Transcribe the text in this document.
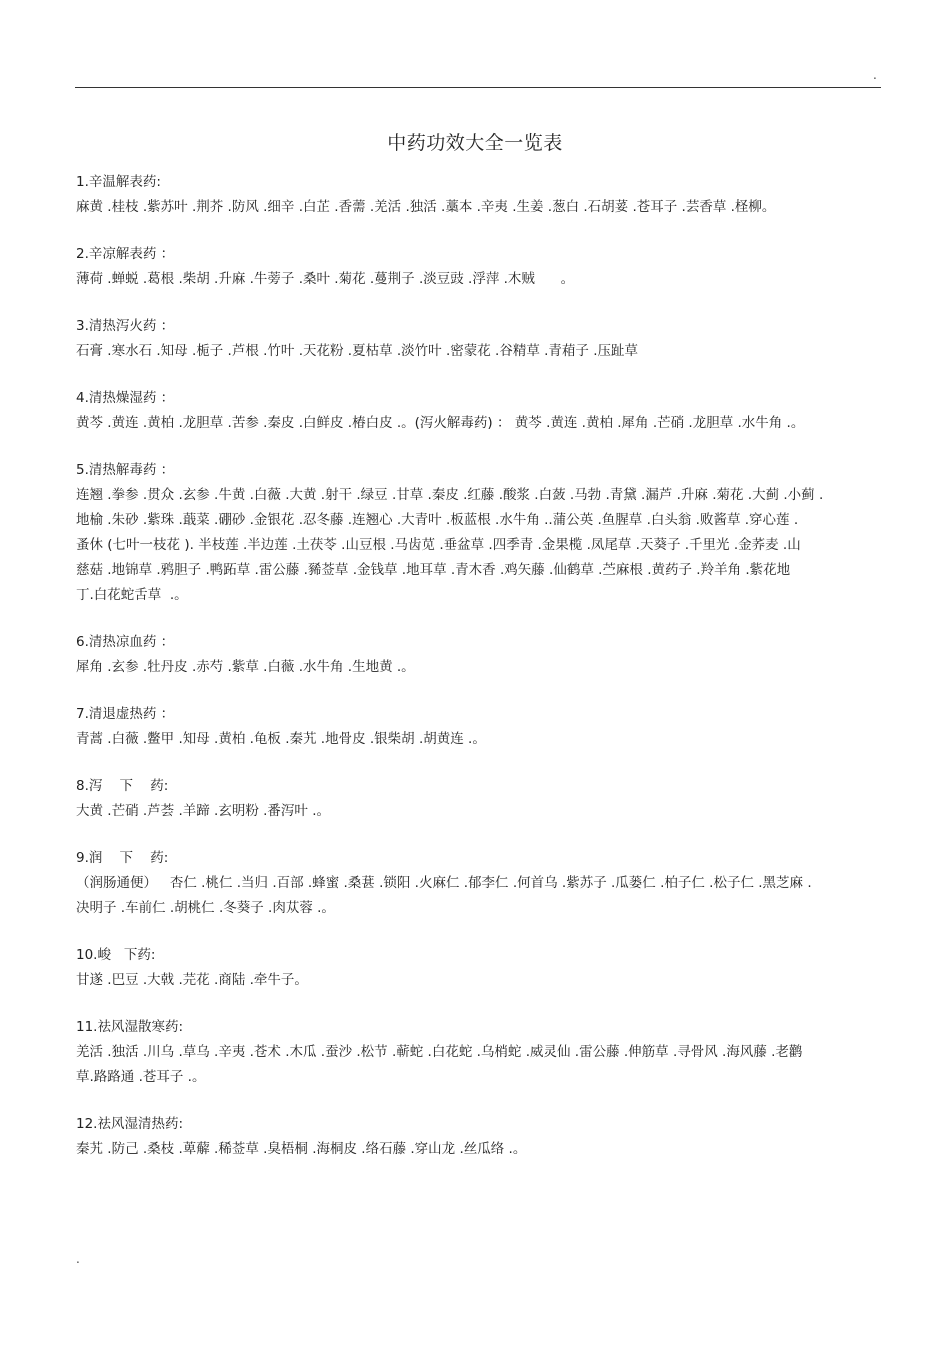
.
中药功效大全一览表
1.辛温解表药:
麻黄 .桂枝 .紫苏叶 .荆芥 .防风 .细辛 .白芷 .香薷 .羌活 .独活 .藁本 .辛夷 .生姜 .葱白 .石胡荽 .苍耳子 .芸香草 .柽柳。
2.辛凉解表药 ：
薄荷 .蝉蜕 .葛根 .柴胡 .升麻 .牛蒡子 .桑叶 .菊花 .蔓荆子 .淡豆豉 .浮萍 .木贼      。
3.清热泻火药 ：
石膏 .寒水石 .知母 .栀子 .芦根 .竹叶 .天花粉 .夏枯草 .淡竹叶 .密蒙花 .谷精草 .青葙子 .压趾草
4.清热燥湿药 ：
黄芩 .黄连 .黄柏 .龙胆草 .苦参 .秦皮 .白鲜皮 .椿白皮 .。(泻火解毒药) ： 黄芩 .黄连 .黄柏 .犀角 .芒硝 .龙胆草 .水牛角 .。
5.清热解毒药 ：
连翘 .拳参 .贯众 .玄参 .牛黄 .白薇 .大黄 .射干 .绿豆 .甘草 .秦皮 .红藤 .酸浆 .白蔹 .马勃 .青黛 .漏芦 .升麻 .菊花 .大蓟 .小蓟 .
地榆 .朱砂 .紫珠 .蕺菜 .硼砂 .金银花 .忍冬藤 .连翘心 .大青叶 .板蓝根 .水牛角 ..蒲公英 .鱼腥草 .白头翁 .败酱草 .穿心莲 .
蚤休 (七叶一枝花 ). 半枝莲 .半边莲 .土茯苓 .山豆根 .马齿苋 .垂盆草 .四季青 .金果榄 .凤尾草 .天葵子 .千里光 .金荞麦 .山
慈菇 .地锦草 .鸦胆子 .鸭跖草 .雷公藤 .豨莶草 .金钱草 .地耳草 .青木香 .鸡矢藤 .仙鹤草 .苎麻根 .黄药子 .羚羊角 .紫花地
丁.白花蛇舌草  .。
6.清热凉血药 ：
犀角 .玄参 .牡丹皮 .赤芍 .紫草 .白薇 .水牛角 .生地黄 .。
7.清退虚热药 ：
青蒿 .白薇 .鳖甲 .知母 .黄柏 .龟板 .秦艽 .地骨皮 .银柴胡 .胡黄连 .。
8.泻    下    药:
大黄 .芒硝 .芦荟 .羊蹄 .玄明粉 .番泻叶 .。
9.润    下    药:
（润肠通便）   杏仁 .桃仁 .当归 .百部 .蜂蜜 .桑葚 .锁阳 .火麻仁 .郁李仁 .何首乌 .紫苏子 .瓜蒌仁 .柏子仁 .松子仁 .黑芝麻 .
决明子 .车前仁 .胡桃仁 .冬葵子 .肉苁蓉 .。
10.峻   下药:
甘遂 .巴豆 .大戟 .芫花 .商陆 .牵牛子。
11.祛风湿散寒药:
羌活 .独活 .川乌 .草乌 .辛夷 .苍术 .木瓜 .蚕沙 .松节 .蕲蛇 .白花蛇 .乌梢蛇 .威灵仙 .雷公藤 .伸筋草 .寻骨风 .海风藤 .老鹳
草.路路通 .苍耳子 .。
12.祛风湿清热药:
秦艽 .防己 .桑枝 .萆薢 .稀莶草 .臭梧桐 .海桐皮 .络石藤 .穿山龙 .丝瓜络 .。
.
